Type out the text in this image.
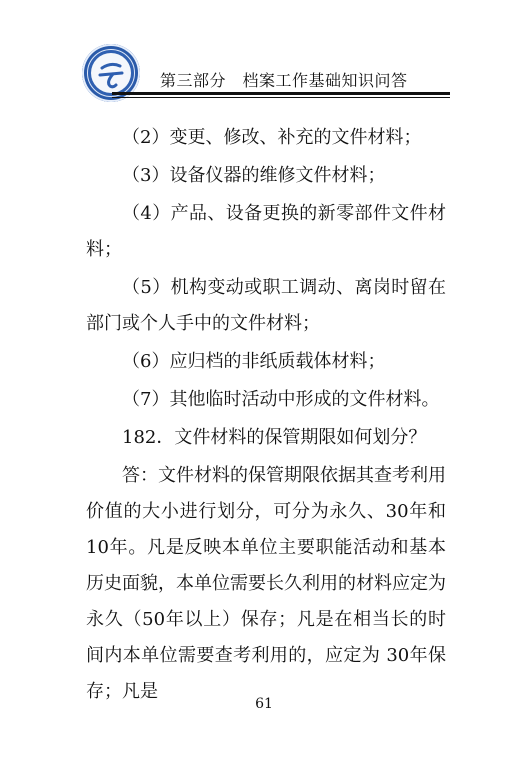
第三部分　档案工作基础知识问答

（2）变更、修改、补充的文件材料；

（3）设备仪器的维修文件材料；

（4）产品、设备更换的新零部件文件材料；

（5）机构变动或职工调动、离岗时留在部门或个人手中的文件材料；

（6）应归档的非纸质载体材料；

（7）其他临时活动中形成的文件材料。

182．文件材料的保管期限如何划分？

答：文件材料的保管期限依据其查考利用价值的大小进行划分，可分为永久、30年和 10年。凡是反映本单位主要职能活动和基本历史面貌，本单位需要长久利用的材料应定为永久（50年以上）保存；凡是在相当长的时间内本单位需要查考利用的，应定为 30年保存；凡是

61
